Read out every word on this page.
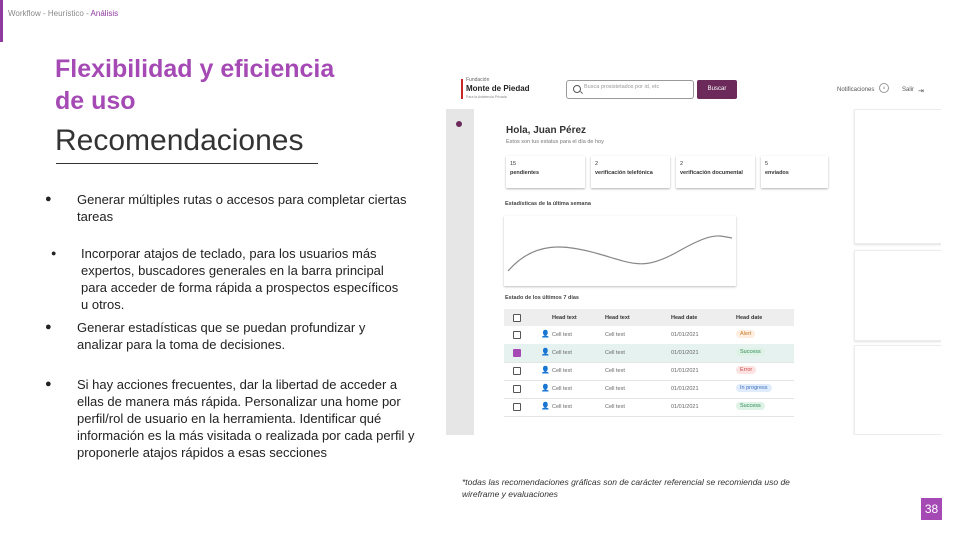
Workflow - Heurístico - Análisis
Flexibilidad y eficiencia
de uso
Recomendaciones
● Generar múltiples rutas o accesos para completar ciertas tareas
● Incorporar atajos de teclado, para los usuarios más expertos, buscadores generales en la barra principal para acceder de forma rápida a prospectos específicos u otros.
● Generar estadísticas que se puedan profundizar y analizar para la toma de decisiones.
● Si hay acciones frecuentes, dar la libertad de acceder a ellas de manera más rápida. Personalizar una home por perfil/rol de usuario en la herramienta. Identificar qué información es la más visitada o realizada por cada perfil y proponerle atajos rápidos a esas secciones
Fundación
Monte de Piedad
Para la Asistencia Privada
Busca prosistetados por id, etc	Buscar	Notificaciones	4	Salir ⇥
Hola, Juan Pérez
Estos son tus estatus para el día de hoy
15
pendientes
2
verificación telefónica
2
verificación documental
5
enviados
Estadísticas de la última semana
Estado de los últimos 7 días
Head text	Head text	Head date	Head date
👤 Cell text	Cell text	01/01/2021	Alert
👤 Cell text	Cell text	01/01/2021	Success
👤 Cell text	Cell text	01/01/2021	Error
👤 Cell text	Cell text	01/01/2021	In progress
👤 Cell text	Cell text	01/01/2021	Success
*todas las recomendaciones gráficas son de carácter referencial se recomienda uso de wireframe y evaluaciones
38
